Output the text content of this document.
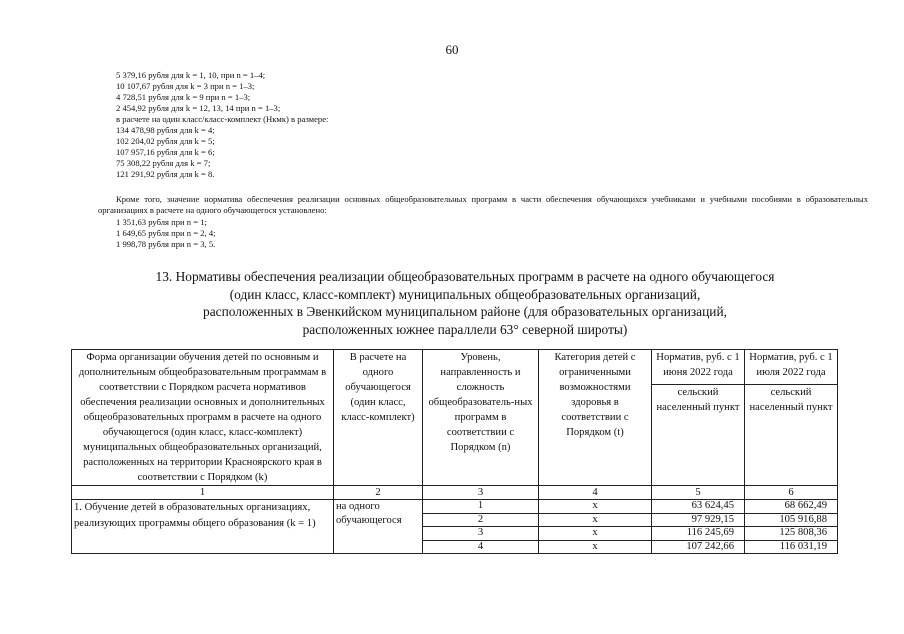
60
5 379,16 рубля для k = 1, 10, при n = 1–4;
10 107,67 рубля для k = 3 при n = 1–3;
4 728,51 рубля для k = 9 при n = 1–3;
2 454,92 рубля для k = 12, 13, 14 при n = 1–3;
в расчете на один класс/класс-комплект (Нкмк) в размере:
134 478,98 рубля для k = 4;
102 204,02 рубля для k = 5;
107 957,16 рубля для k = 6;
75 308,22 рубля для k = 7;
121 291,92 рубля для k = 8.
Кроме того, значение норматива обеспечения реализации основных общеобразовательных программ в части обеспечения обучающихся учебниками и учебными пособиями в образовательных организациях в расчете на одного обучающегося установлено:
1 351,63 рубля при n = 1;
1 649,65 рубля при n = 2, 4;
1 998,78 рубля при n = 3, 5.
13. Нормативы обеспечения реализации общеобразовательных программ в расчете на одного обучающегося
(один класс, класс-комплект) муниципальных общеобразовательных организаций,
расположенных в Эвенкийском муниципальном районе (для образовательных организаций,
расположенных южнее параллели 63° северной широты)
Форма организации обучения детей по основным и дополнительным общеобразовательным программам в соответствии с Порядком расчета нормативов обеспечения реализации основных и дополнительных общеобразовательных программ в расчете на одного обучающегося (один класс, класс-комплект) муниципальных общеобразовательных организаций, расположенных на территории Красноярского края в соответствии с Порядком (k)	В расчете на одного обучающегося (один класс, класс-комплект)	Уровень, направленность и сложность общеобразователь-ных программ в соответствии с Порядком (n)	Категория детей с ограниченными возможностями здоровья в соответствии с Порядком (t)	Норматив, руб. с 1 июня 2022 года	Норматив, руб. с 1 июля 2022 года
				сельский населенный пункт	сельский населенный пункт
1	2	3	4	5	6
1. Обучение детей в образовательных организациях, реализующих программы общего образования (k = 1)	на одного обучающегося	1	x	63 624,45	68 662,49
		2	x	97 929,15	105 916,88
		3	x	116 245,69	125 808,36
		4	x	107 242,66	116 031,19
